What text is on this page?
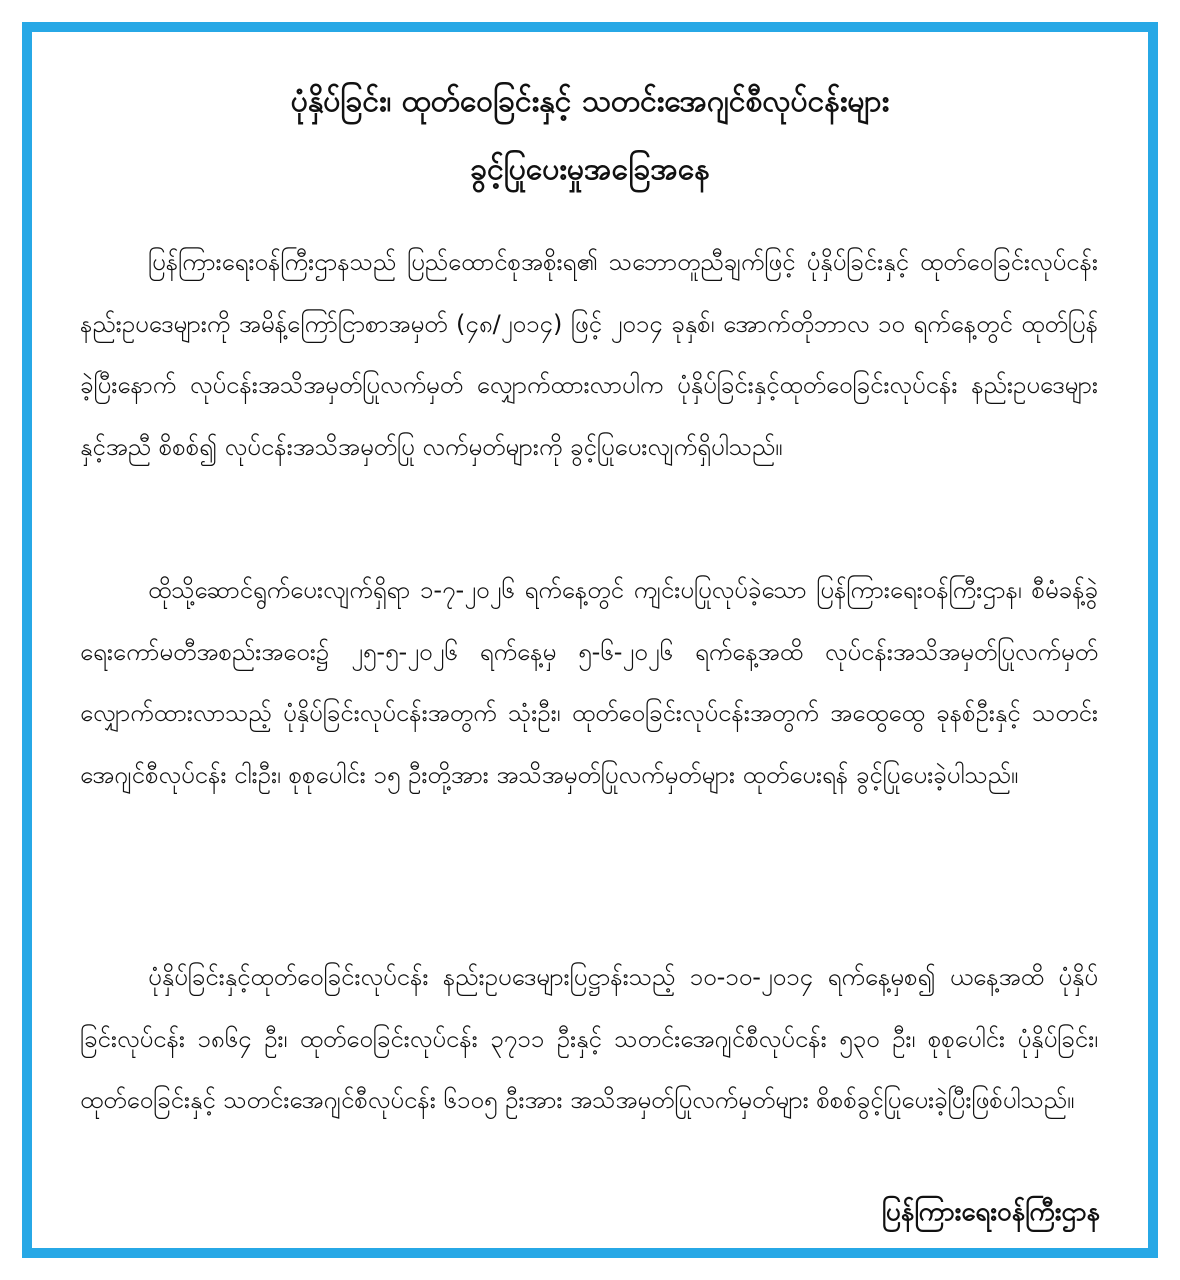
ပုံနှိပ်ခြင်း၊ ထုတ်ဝေခြင်းနှင့် သတင်းအေဂျင်စီလုပ်ငန်းများ
ခွင့်ပြုပေးမှုအခြေအနေ

ပြန်ကြားရေးဝန်ကြီးဌာနသည် ပြည်ထောင်စုအစိုးရ၏ သဘောတူညီချက်ဖြင့် ပုံနှိပ်ခြင်းနှင့် ထုတ်ဝေခြင်းလုပ်ငန်း နည်းဥပဒေများကို အမိန့်ကြော်ငြာစာအမှတ် (၄၈/၂၀၁၄) ဖြင့် ၂၀၁၄ ခုနှစ်၊ အောက်တိုဘာလ ၁၀ ရက်နေ့တွင် ထုတ်ပြန်ခဲ့ပြီးနောက် လုပ်ငန်းအသိအမှတ်ပြုလက်မှတ် လျှောက်ထားလာပါက ပုံနှိပ်ခြင်းနှင့်ထုတ်ဝေခြင်းလုပ်ငန်း နည်းဥပဒေများနှင့်အညီ စိစစ်၍ လုပ်ငန်းအသိအမှတ်ပြု လက်မှတ်များကို ခွင့်ပြုပေးလျက်ရှိပါသည်။

ထိုသို့ဆောင်ရွက်ပေးလျက်ရှိရာ ၁-၇-၂၀၂၆ ရက်နေ့တွင် ကျင်းပပြုလုပ်ခဲ့သော ပြန်ကြားရေးဝန်ကြီးဌာန၊ စီမံခန့်ခွဲရေးကော်မတီအစည်းအဝေး၌ ၂၅-၅-၂၀၂၆ ရက်နေ့မှ ၅-၆-၂၀၂၆ ရက်နေ့အထိ လုပ်ငန်းအသိအမှတ်ပြုလက်မှတ် လျှောက်ထားလာသည့် ပုံနှိပ်ခြင်းလုပ်ငန်းအတွက် သုံးဦး၊ ထုတ်ဝေခြင်းလုပ်ငန်းအတွက် အထွေထွေ ခုနစ်ဦးနှင့် သတင်းအေဂျင်စီလုပ်ငန်း ငါးဦး၊ စုစုပေါင်း ၁၅ ဦးတို့အား အသိအမှတ်ပြုလက်မှတ်များ ထုတ်ပေးရန် ခွင့်ပြုပေးခဲ့ပါသည်။

ပုံနှိပ်ခြင်းနှင့်ထုတ်ဝေခြင်းလုပ်ငန်း နည်းဥပဒေများပြဋ္ဌာန်းသည့် ၁၀-၁၀-၂၀၁၄ ရက်နေ့မှစ၍ ယနေ့အထိ ပုံနှိပ်ခြင်းလုပ်ငန်း ၁၈၆၄ ဦး၊ ထုတ်ဝေခြင်းလုပ်ငန်း ၃၇၁၁ ဦးနှင့် သတင်းအေဂျင်စီလုပ်ငန်း ၅၃၀ ဦး၊ စုစုပေါင်း ပုံနှိပ်ခြင်း၊ ထုတ်ဝေခြင်းနှင့် သတင်းအေဂျင်စီလုပ်ငန်း ၆၁၀၅ ဦးအား အသိအမှတ်ပြုလက်မှတ်များ စိစစ်ခွင့်ပြုပေးခဲ့ပြီးဖြစ်ပါသည်။

ပြန်ကြားရေးဝန်ကြီးဌာန
